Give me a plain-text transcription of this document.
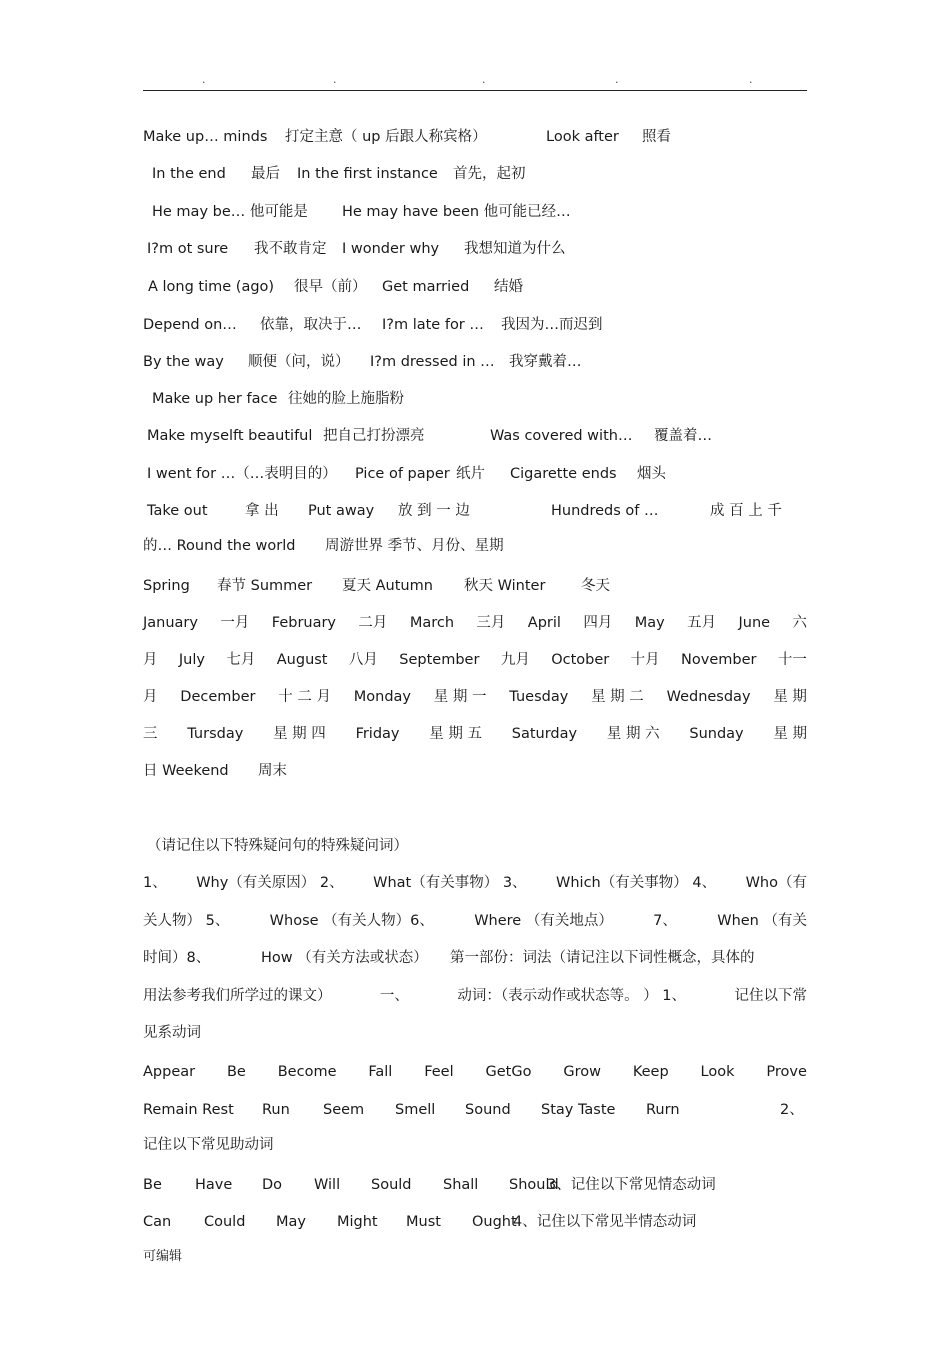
.	.	.	.	.
Make up… minds 打定主意（ up 后跟人称宾格）	Look after 照看
In the end 最后 In the first instance 首先，起初
He may be… 他可能是 He may have been 他可能已经…
I?m ot sure 我不敢肯定 I wonder why 我想知道为什么
A long time (ago) 很早（前） Get married 结婚
Depend on… 依靠，取决于… I?m late for … 我因为…而迟到
By the way 顺便（问，说） I?m dressed in … 我穿戴着…
Make up her face 往她的脸上施脂粉
Make myselft beautiful 把自己打扮漂亮	Was covered with… 覆盖着…
I went for …（…表明目的） Pice of paper 纸片 Cigarette ends 烟头
Take out	拿 出 Put away 放 到 一 边	Hundreds of …	成 百 上 千
的… Round the world 周游世界 季节、月份、星期
Spring 春节 Summer 夏天 Autumn 秋天 Winter 冬天
January 一月 February 二月 March 三月 April 四月 May 五月 June 六
月 July 七月 August 八月 September 九月 October 十月 November 十一
月 December 十 二 月 Monday 星 期 一 Tuesday 星 期 二 Wednesday 星 期
三 Tursday 星 期 四 Friday 星 期 五 Saturday 星 期 六 Sunday 星 期
日 Weekend 周末
（请记住以下特殊疑问句的特殊疑问词）
1、 Why（有关原因） 2、 What（有关事物） 3、 Which（有关事物） 4、 Who（有
关人物） 5、	Whose （有关人物）6、	Where （有关地点）	7、	When （有关
时间）8、	How （有关方法或状态） 第一部份：词法（请记注以下词性概念，具体的
用法参考我们所学过的课文）	一、	动词：（表示动作或状态等。 ） 1、	记住以下常
见系动词
Appear Be Become Fall Feel GetGo Grow Keep Look Prove
Remain Rest Run Seem Smell Sound Stay Taste Rurn	2、
记住以下常见助动词
Be Have Do Will Sould Shall Should
3、记住以下常见情态动词
Can Could May Might Must Ought
4、记住以下常见半情态动词
可编辑
